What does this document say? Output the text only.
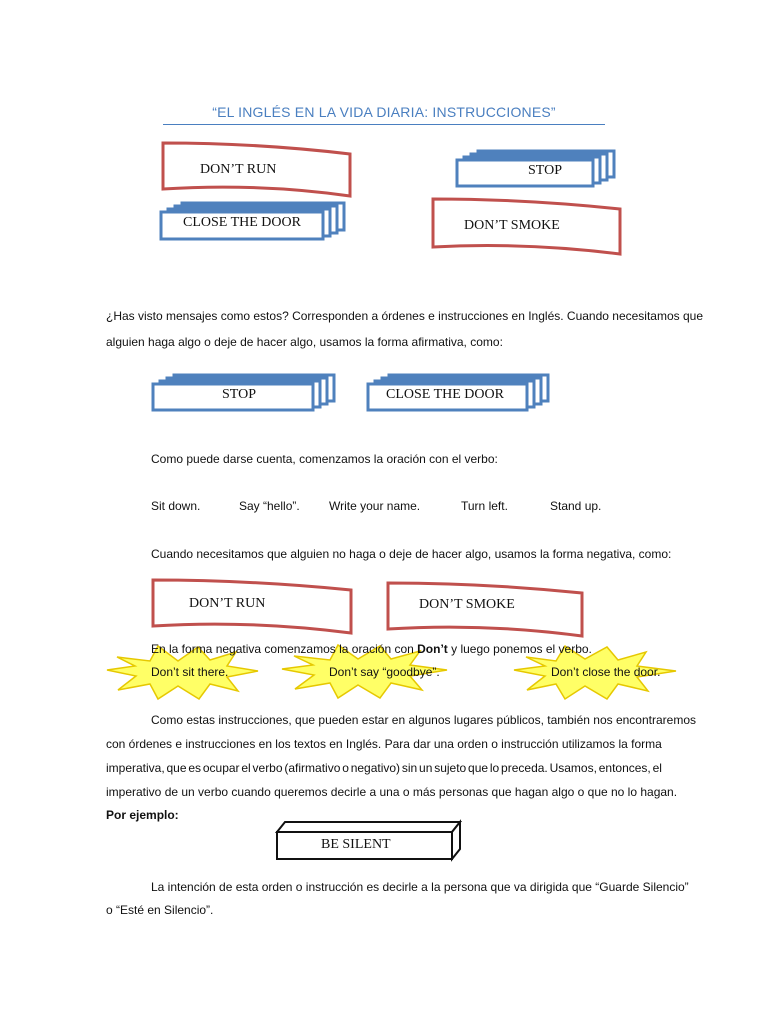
“EL INGLÉS EN LA VIDA DIARIA: INSTRUCCIONES”
DON’T RUN	STOP
CLOSE THE DOOR	DON’T SMOKE
STOP	CLOSE THE DOOR
DON’T RUN	DON’T SMOKE
BE SILENT
¿Has visto mensajes como estos? Corresponden a órdenes e instrucciones en Inglés. Cuando necesitamos que
alguien haga algo o deje de hacer algo, usamos la forma afirmativa, como:
Como puede darse cuenta, comenzamos la oración con el verbo:
Sit down.	Say “hello”. Write your name.	Turn left.	Stand up.
Cuando necesitamos que alguien no haga o deje de hacer algo, usamos la forma negativa, como:
En la forma negativa comenzamos la oración con Don’t y luego ponemos el verbo.
Don’t sit there.	Don’t say “goodbye”.	Don’t close the door.
Como estas instrucciones, que pueden estar en algunos lugares públicos, también nos encontraremos
con órdenes e instrucciones en los textos en Inglés. Para dar una orden o instrucción utilizamos la forma
imperativa, que es ocupar el verbo (afirmativo o negativo) sin un sujeto que lo preceda. Usamos, entonces, el
imperativo de un verbo cuando queremos decirle a una o más personas que hagan algo o que no lo hagan.
Por ejemplo:
La intención de esta orden o instrucción es decirle a la persona que va dirigida que “Guarde Silencio”
o “Esté en Silencio”.
